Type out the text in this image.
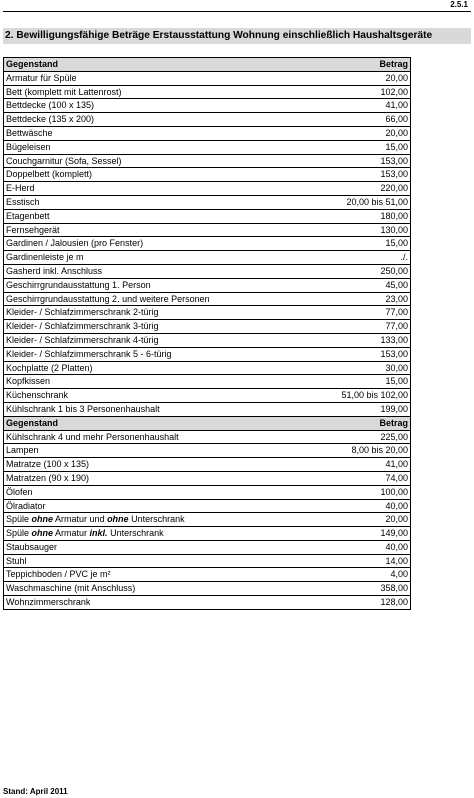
2.5.1
2. Bewilligungsfähige Beträge Erstausstattung Wohnung einschließlich Haushaltsgeräte
Gegenstand	Betrag
Armatur für Spüle	20,00
Bett (komplett mit Lattenrost)	102,00
Bettdecke (100 x 135)	41,00
Bettdecke (135 x 200)	66,00
Bettwäsche	20,00
Bügeleisen	15,00
Couchgarnitur (Sofa, Sessel)	153,00
Doppelbett (komplett)	153,00
E-Herd	220,00
Esstisch	20,00 bis 51,00
Etagenbett	180,00
Fernsehgerät	130,00
Gardinen / Jalousien (pro Fenster)	15,00
Gardinenleiste je m	./.
Gasherd inkl. Anschluss	250,00
Geschirrgrundausstattung 1. Person	45,00
Geschirrgrundausstattung 2. und weitere Personen	23,00
Kleider- / Schlafzimmerschrank 2-türig	77,00
Kleider- / Schlafzimmerschrank 3-türig	77,00
Kleider- / Schlafzimmerschrank 4-türig	133,00
Kleider- / Schlafzimmerschrank 5 - 6-türig	153,00
Kochplatte (2 Platten)	30,00
Kopfkissen	15,00
Küchenschrank	51,00 bis 102,00
Kühlschrank 1 bis 3 Personenhaushalt	199,00
Gegenstand	Betrag
Kühlschrank 4 und mehr Personenhaushalt	225,00
Lampen	8,00 bis 20,00
Matratze (100 x 135)	41,00
Matratzen (90 x 190)	74,00
Ölofen	100,00
Ölradiator	40,00
Spüle ohne Armatur und ohne Unterschrank	20,00
Spüle ohne Armatur inkl. Unterschrank	149,00
Staubsauger	40,00
Stuhl	14,00
Teppichboden / PVC je m²	4,00
Waschmaschine (mit Anschluss)	358,00
Wohnzimmerschrank	128,00
Stand: April 2011
